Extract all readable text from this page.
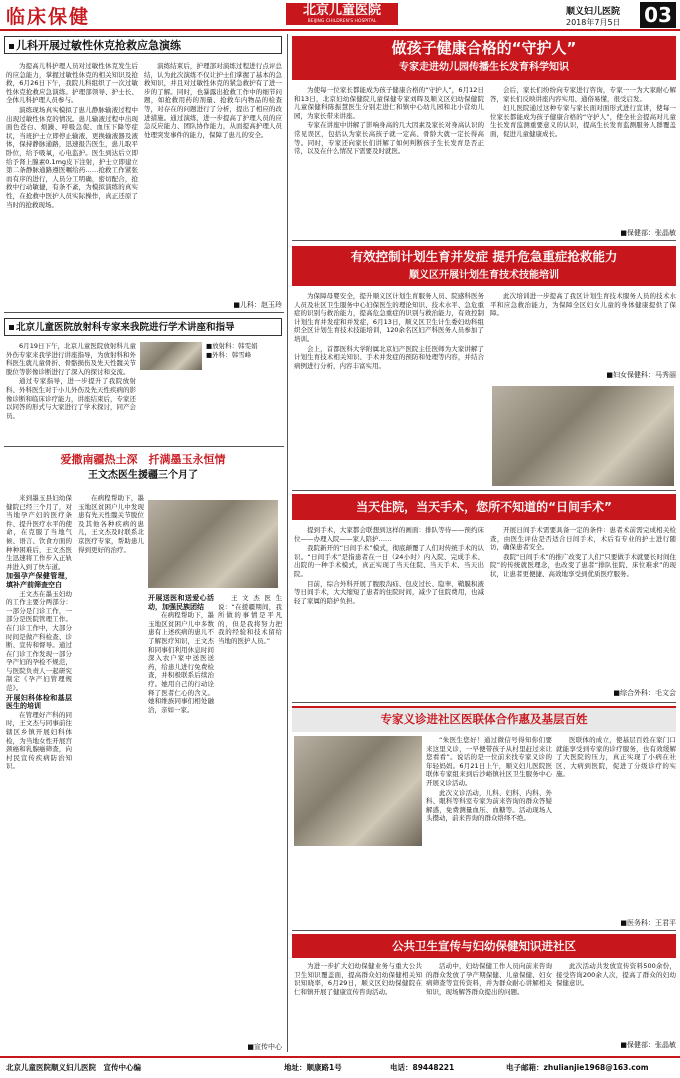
临床保健	北京儿童医院
BEIJING CHILDREN'S HOSPITAL
顺义妇儿医院
2018年7月5日 03
儿科开展过敏性休克抢救应急演练

为提高儿科护理人员对过敏性休克发生后的应急能力，掌握过敏性休克的相关知识及抢救，6月26日下午，我院儿科组织了一次过敏性休克抢救应急演练。护理部领导、护士长、全体儿科护理人员参与。

演练现场真实模拟了患儿静脉输液过程中出现过敏性休克的情况。患儿输液过程中出现面色苍白、烦躁、呼吸急促、血压下降等症状，当班护士立即停止输液、更换输液器及液体，保持静脉通路，迅速报告医生，患儿取平卧位，给予吸氧，心电监护。医生到达后立即给予肾上腺素0.1mg皮下注射，护士立即建立第二条静脉通路遵医嘱给药……抢救工作紧张而有序的进行，人员分工明确，密切配合，抢救中行动敏捷，有条不紊，为模拟演练的真实性，在抢救中医护人员实际操作，真正还原了当时的抢救现场。

演练结束后，护理部对演练过程进行点评总结，认为此次演练不仅让护士们掌握了基本的急救知识，并且对过敏性休克的紧急救护有了进一步的了解。同时，也暴露出抢救工作中的细节问题，如抢救用药的剂量、抢救车内物品的检查等，对存在的问题进行了分析，提出了相应的改进措施。通过演练，进一步提高了护理人员的应急反应能力、团队协作能力，从而提高护理人员处理突发事件的能力，保障了患儿的安全。

■儿科：赵玉玲
北京儿童医院放射科专家来我院进行学术讲座和指导

6月19日下午，北京儿童医院放射科儿童外伤专家来我学进行讲座指导，为放射科和外科医生就儿童骨折、骨骼损伤及先天性髋关节脱位等影像诊断进行了深入的探讨和交流。

通过专家指导，进一步提升了我院放射科、外科医生对于小儿外伤及先天性疾病的影像诊断和临床诊疗能力，讲座结束后，专家还以同答的形式与大家进行了学术探讨，同产会员。

■放射科：韩雯娟
■外科：韩雪峰
爱撒南疆热土深　扦满墨玉永恒情
王文杰医生援疆三个月了

来到墨玉县妇幼保健院已经三个月了，对当地孕产妇的医疗条件、提升医疗水平的使命，在克服了当地气候、语言、饮食方面的种种困难后，王文杰医生迅速将工作步入正轨并进入到了快车道。

加强孕产保健管理，填补产前筛查空白

王文杰在墨玉妇幼的工作主要分两部分：一部分是门诊工作，一部分是医院管理工作。在门诊工作中，大部分时间是做产科检查、诊断、宣传和督导。通过在门诊工作发现一部分孕产妇的孕检不规范，与医院负责人一起研究制定《孕产妇管理规范》。

开展妇科体检和基层医生的培训

在管理好产科的同时，王文杰与同事前往辖区乡镇开展妇科体检，为当地女性开展宫颈癌和乳腺癌筛查，向村民宣传疾病防治知识。

在病程帮助下，墨玉地区贫困户儿中发现患有先天性髋关节脱位及其他各种疾病的患儿，王文杰及时联系北京医疗专家，帮助患儿得到更好的治疗。

开展送医和送爱心活动，加强民族团结

在病程帮助下，墨玉地区贫困户儿中多数患有上述疾病的患儿不了解医疗知识，王文杰和同事们利用休息时间深入农户家中送医送药，给患儿进行免费检查，并积极联系后续治疗。她用自己的行动诠释了医者仁心的含义。她和维族同事们相处融洽，亲如一家。

王文杰医生说：“在援疆期间，我所做的事情是平凡的，但是我将努力把我的经验和技术留给当地的医护人员。”

■宣传中心
做孩子健康合格的“守护人”
专家走进幼儿园传播生长发育科学知识

为使每一位家长都能成为孩子健康合格的“守护人”，6月12日和13日，北京妇幼保健院儿童保健专家刘晖及顺义区妇幼保健院儿童保健科陈振慧医生分别走进仁和镇中心幼儿园和北小营幼儿园，为家长带来讲座。

专家在讲座中讲解了影响身高的几大因素及家长对身高认识的常见误区，包括认为家长高孩子就一定高、骨龄大就一定长得高等。同时，专家还向家长们讲解了如何判断孩子生长发育是否正常，以及在什么情况下需要及时就医。

会后，家长们纷纷向专家进行咨询，专家一一为大家耐心解答，家长们反映讲座内容实用、通俗易懂，很受启发。

妇儿医院通过这种专家与家长面对面形式进行宣讲，使每一位家长都能成为孩子健康合格的“守护人”，使全社会提高对儿童生长发育监测重要意义的认识，提高生长发育监测服务人群覆盖面，促进儿童健康成长。

■保健部：张晶敏
有效控制计划生育并发症 提升危急重症抢救能力
顺义区开展计划生育技术技能培训

为保障母婴安全，提升顺义区计划生育服务人员、院感科医务人员及社区卫生服务中心妇保医生的理论知识、技术水平、急危重症的识别与救治能力，提高危急重症的识别与救治能力，有效控制计划生育并发症和并发症，6月13日，顺义区卫生计生委妇幼科组织全区计划生育技术技能培训，120余名区妇产科医务人员参加了培训。

会上，首都医科大学附属北京妇产医院主任医师为大家讲解了计划生育技术相关知识、手术并发症的预防和处理等内容，并结合病例进行分析，内容丰富实用。

此次培训进一步提高了我区计划生育技术服务人员的技术水平和应急救治能力，为保障全区妇女儿童的身体健康提供了保障。

■妇女保健科：马秀丽
当天住院，当天手术，您所不知道的“日间手术”

提到手术，大家都会联想到这样的画面：排队等待——预约床位——办理入院——家人陪护……

我院新开的“日间手术”模式，彻底颠覆了人们对传统手术的认识。“日间手术”是指患者在一日（24小时）内入院、完成手术、出院的一种手术模式，真正实现了当天住院、当天手术、当天出院。

目前，综合外科开展了腹股沟疝、包皮过长、隐睾、鞘膜积液等日间手术，大大缩短了患者的住院时间，减少了住院费用，也减轻了家属的陪护负担。

开展日间手术需要具备一定的条件：患者术前需完成相关检查，由医生评估是否适合日间手术，术后有专业的护士进行随访，确保患者安全。

我院“日间手术”的推广改变了人们“只要做手术就要长时间住院”的传统就医理念，也改变了患者“排队住院、床位难求”的现状，让患者更便捷、高效地享受到优质医疗服务。

■综合外科：毛文会
专家义诊进社区医联体合作惠及基层百姓

“朱医生您好！通过微信号得知你们要来这里义诊，一早便带孩子从村里赶过来让您看看”。说话的是一位前来找专家义诊的年轻妈妈。6月21日上午，顺义妇儿医院医联体专家组来到后沙峪镇社区卫生服务中心开展义诊活动。

此次义诊活动，儿科、妇科、内科、外科、眼科等科室专家为前来咨询的群众答疑解惑，免费测量血压、血糖等。活动现场人头攒动，前来咨询的群众络绎不绝。

医联体的成立，使基层百姓在家门口就能享受到专家的诊疗服务，也有效缓解了大医院的压力，真正实现了小病在社区、大病到医院，促进了分级诊疗的实施。

■医务科：王君平
公共卫生宣传与妇幼保健知识进社区

为进一步扩大妇幼保健业务与重大公共卫生知识覆盖面，提高群众妇幼保健相关知识知晓率，6月29日，顺义区妇幼保健院在仁和镇开展了健康宣传咨询活动。

活动中，妇幼保健工作人员向前来咨询的群众发放了孕产期保健、儿童保健、妇女病筛查等宣传资料，并为群众耐心讲解相关知识，现场解答群众提出的问题。

此次活动共发放宣传资料500余份，接受咨询200余人次，提高了群众的妇幼保健意识。

■保健部：张晶敏
北京儿童医院顺义妇儿医院　宣传中心编	地址：顺康路1号	电话：89448221	电子邮箱：zhulianjie1968@163.com
